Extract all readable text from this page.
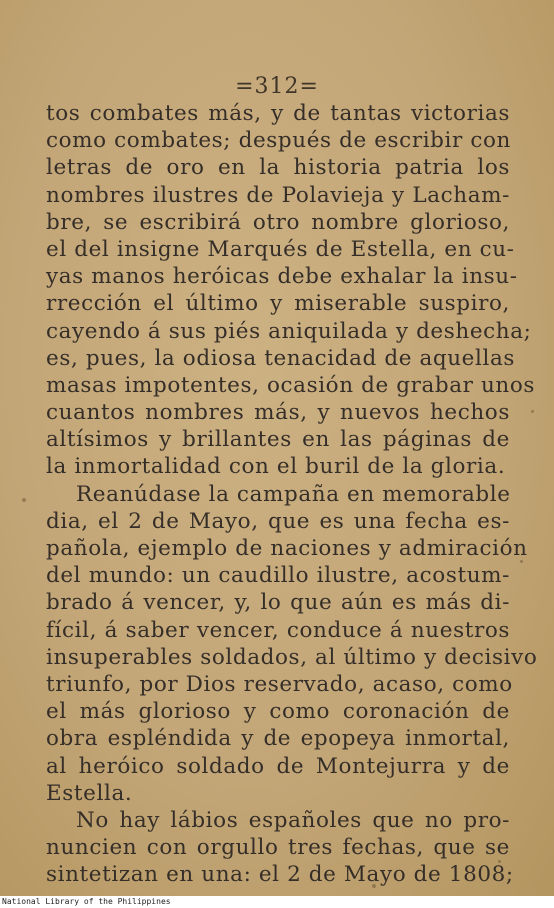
=312=
tos combates más, y de tantas victorias
como combates; después de escribir con
letras de oro en la historia patria los
nombres ilustres de Polavieja y Lacham-
bre, se escribirá otro nombre glorioso,
el del insigne Marqués de Estella, en cu-
yas manos heróicas debe exhalar la insu-
rrección el último y miserable suspiro,
cayendo á sus piés aniquilada y deshecha;
es, pues, la odiosa tenacidad de aquellas
masas impotentes, ocasión de grabar unos
cuantos nombres más, y nuevos hechos
altísimos y brillantes en las páginas de
la inmortalidad con el buril de la gloria.
Reanúdase la campaña en memorable
dia, el 2 de Mayo, que es una fecha es-
pañola, ejemplo de naciones y admiración
del mundo: un caudillo ilustre, acostum-
brado á vencer, y, lo que aún es más di-
fícil, á saber vencer, conduce á nuestros
insuperables soldados, al último y decisivo
triunfo, por Dios reservado, acaso, como
el más glorioso y como coronación de
obra espléndida y de epopeya inmortal,
al heróico soldado de Montejurra y de
Estella.
No hay lábios españoles que no pro-
nuncien con orgullo tres fechas, que se
sintetizan en una: el 2 de Mayo de 1808;
National Library of the Philippines
